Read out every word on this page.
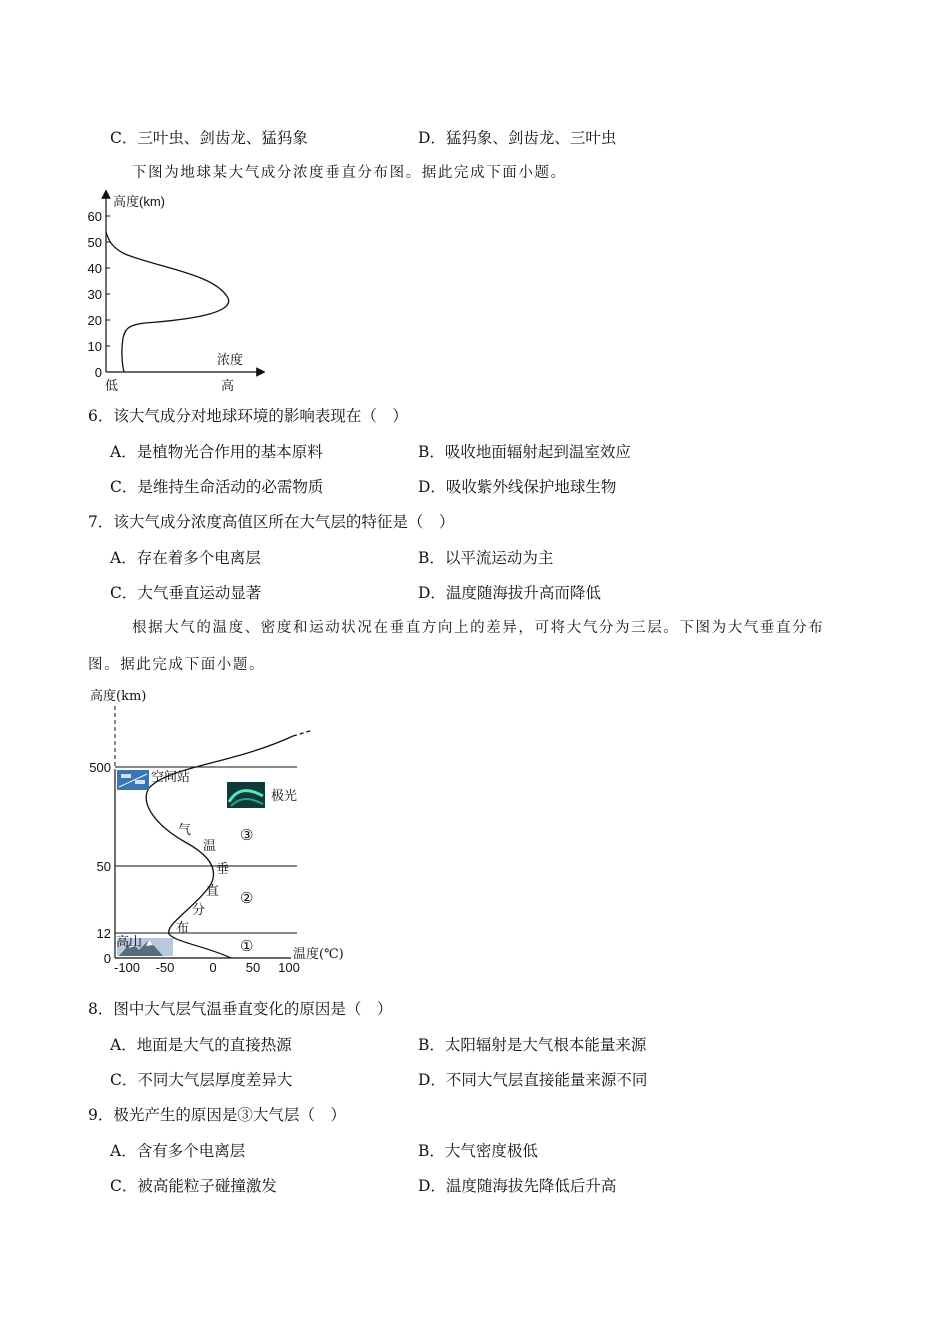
C．三叶虫、剑齿龙、猛犸象	D．猛犸象、剑齿龙、三叶虫
下图为地球某大气成分浓度垂直分布图。据此完成下面小题。
高度(km)
60
50
40
30
20
10
0
浓度
低	高
6．该大气成分对地球环境的影响表现在（　）
A．是植物光合作用的基本原料	B．吸收地面辐射起到温室效应
C．是维持生命活动的必需物质	D．吸收紫外线保护地球生物
7．该大气成分浓度高值区所在大气层的特征是（　）
A．存在着多个电离层	B．以平流运动为主
C．大气垂直运动显著	D．温度随海拔升高而降低
根据大气的温度、密度和运动状况在垂直方向上的差异，可将大气分为三层。下图为大气垂直分布
图。据此完成下面小题。
高度(km)
500
50
12
0
-100 -50	0 50 100
温度(℃)
空间站
极光
高山
气
温
垂
直
分
布
①
②
③
8．图中大气层气温垂直变化的原因是（　）
A．地面是大气的直接热源	B．太阳辐射是大气根本能量来源
C．不同大气层厚度差异大	D．不同大气层直接能量来源不同
9．极光产生的原因是③大气层（　）
A．含有多个电离层	B．大气密度极低
C．被高能粒子碰撞激发	D．温度随海拔先降低后升高
